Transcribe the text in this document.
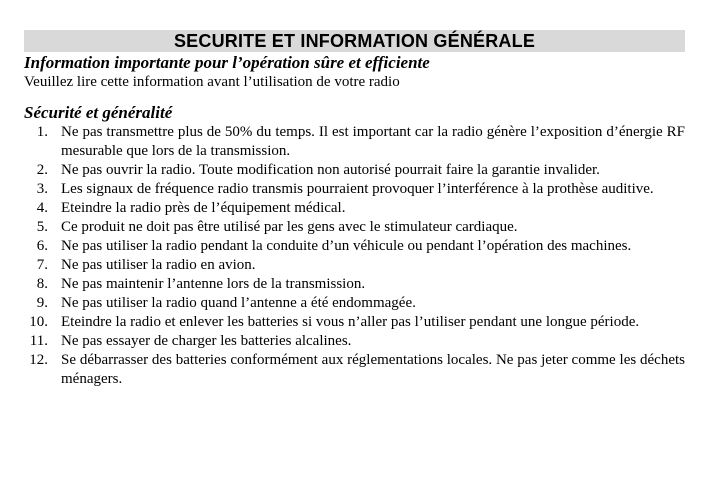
SECURITE ET INFORMATION GÉNÉRALE
Information importante pour l’opération sûre et efficiente
Veuillez lire cette information avant l’utilisation de votre radio
Sécurité et généralité
1. Ne pas transmettre plus de 50% du temps. Il est important car la radio génère l’exposition d’énergie RF mesurable que lors de la transmission.
2. Ne pas ouvrir la radio. Toute modification non autorisé pourrait faire la garantie invalider.
3. Les signaux de fréquence radio transmis pourraient provoquer l’interférence à la prothèse auditive.
4. Eteindre la radio près de l’équipement médical.
5. Ce produit ne doit pas être utilisé par les gens avec le stimulateur cardiaque.
6. Ne pas utiliser la radio pendant la conduite d’un véhicule ou pendant l’opération des machines.
7. Ne pas utiliser la radio en avion.
8. Ne pas maintenir l’antenne lors de la transmission.
9. Ne pas utiliser la radio quand l’antenne a été endommagée.
10. Eteindre la radio et enlever les batteries si vous n’aller pas l’utiliser pendant une longue période.
11. Ne pas essayer de charger les batteries alcalines.
12. Se débarrasser des batteries conformément aux réglementations locales. Ne pas jeter comme les déchets ménagers.
